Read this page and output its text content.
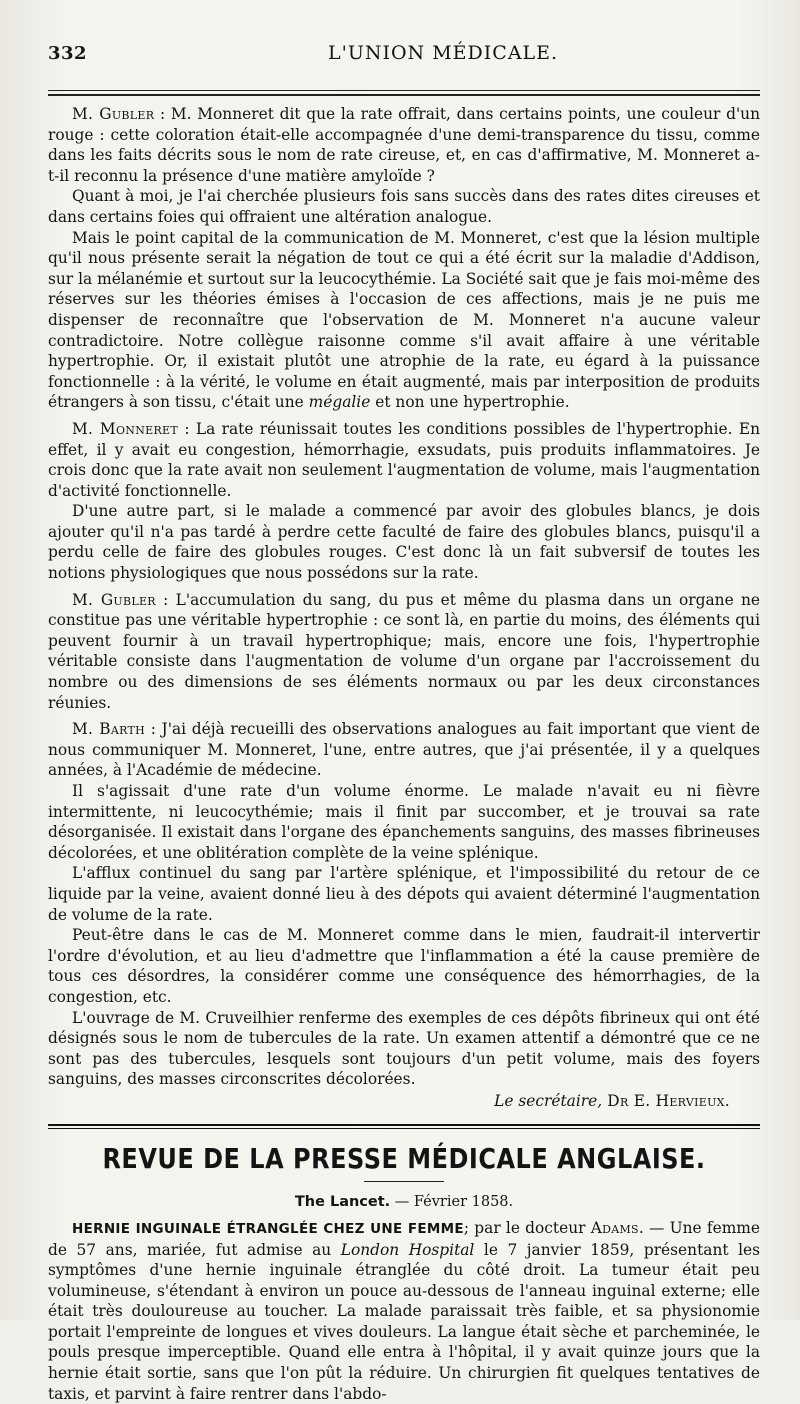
332	L'UNION MÉDICALE.

M. Gubler : M. Monneret dit que la rate offrait, dans certains points, une couleur d'un rouge : cette coloration était-elle accompagnée d'une demi-transparence du tissu, comme dans les faits décrits sous le nom de rate cireuse, et, en cas d'affirmative, M. Monneret a-t-il reconnu la présence d'une matière amyloïde ?

Quant à moi, je l'ai cherchée plusieurs fois sans succès dans des rates dites cireuses et dans certains foies qui offraient une altération analogue.

Mais le point capital de la communication de M. Monneret, c'est que la lésion multiple qu'il nous présente serait la négation de tout ce qui a été écrit sur la maladie d'Addison, sur la mélanémie et surtout sur la leucocythémie. La Société sait que je fais moi-même des réserves sur les théories émises à l'occasion de ces affections, mais je ne puis me dispenser de reconnaître que l'observation de M. Monneret n'a aucune valeur contradictoire. Notre collègue raisonne comme s'il avait affaire à une véritable hypertrophie. Or, il existait plutôt une atrophie de la rate, eu égard à la puissance fonctionnelle : à la vérité, le volume en était augmenté, mais par interposition de produits étrangers à son tissu, c'était une mégalie et non une hypertrophie.

M. Monneret : La rate réunissait toutes les conditions possibles de l'hypertrophie. En effet, il y avait eu congestion, hémorrhagie, exsudats, puis produits inflammatoires. Je crois donc que la rate avait non seulement l'augmentation de volume, mais l'augmentation d'activité fonctionnelle.

D'une autre part, si le malade a commencé par avoir des globules blancs, je dois ajouter qu'il n'a pas tardé à perdre cette faculté de faire des globules blancs, puisqu'il a perdu celle de faire des globules rouges. C'est donc là un fait subversif de toutes les notions physiologiques que nous possédons sur la rate.

M. Gubler : L'accumulation du sang, du pus et même du plasma dans un organe ne constitue pas une véritable hypertrophie : ce sont là, en partie du moins, des éléments qui peuvent fournir à un travail hypertrophique; mais, encore une fois, l'hypertrophie véritable consiste dans l'augmentation de volume d'un organe par l'accroissement du nombre ou des dimensions de ses éléments normaux ou par les deux circonstances réunies.

M. Barth : J'ai déjà recueilli des observations analogues au fait important que vient de nous communiquer M. Monneret, l'une, entre autres, que j'ai présentée, il y a quelques années, à l'Académie de médecine.

Il s'agissait d'une rate d'un volume énorme. Le malade n'avait eu ni fièvre intermittente, ni leucocythémie; mais il finit par succomber, et je trouvai sa rate désorganisée. Il existait dans l'organe des épanchements sanguins, des masses fibrineuses décolorées, et une oblitération complète de la veine splénique.

L'afflux continuel du sang par l'artère splénique, et l'impossibilité du retour de ce liquide par la veine, avaient donné lieu à des dépots qui avaient déterminé l'augmentation de volume de la rate.

Peut-être dans le cas de M. Monneret comme dans le mien, faudrait-il intervertir l'ordre d'évolution, et au lieu d'admettre que l'inflammation a été la cause première de tous ces désordres, la considérer comme une conséquence des hémorrhagies, de la congestion, etc.

L'ouvrage de M. Cruveilhier renferme des exemples de ces dépôts fibrineux qui ont été désignés sous le nom de tubercules de la rate. Un examen attentif a démontré que ce ne sont pas des tubercules, lesquels sont toujours d'un petit volume, mais des foyers sanguins, des masses circonscrites décolorées.

Le secrétaire, Dr E. Hervieux.
REVUE DE LA PRESSE MÉDICALE ANGLAISE.
The Lancet. — Février 1858.

HERNIE INGUINALE ÉTRANGLÉE CHEZ UNE FEMME; par le docteur Adams. — Une femme de 57 ans, mariée, fut admise au London Hospital le 7 janvier 1859, présentant les symptômes d'une hernie inguinale étranglée du côté droit. La tumeur était peu volumineuse, s'étendant à environ un pouce au-dessous de l'anneau inguinal externe; elle était très douloureuse au toucher. La malade paraissait très faible, et sa physionomie portait l'empreinte de longues et vives douleurs. La langue était sèche et parcheminée, le pouls presque imperceptible. Quand elle entra à l'hôpital, il y avait quinze jours que la hernie était sortie, sans que l'on pût la réduire. Un chirurgien fit quelques tentatives de taxis, et parvint à faire rentrer dans l'abdo-
